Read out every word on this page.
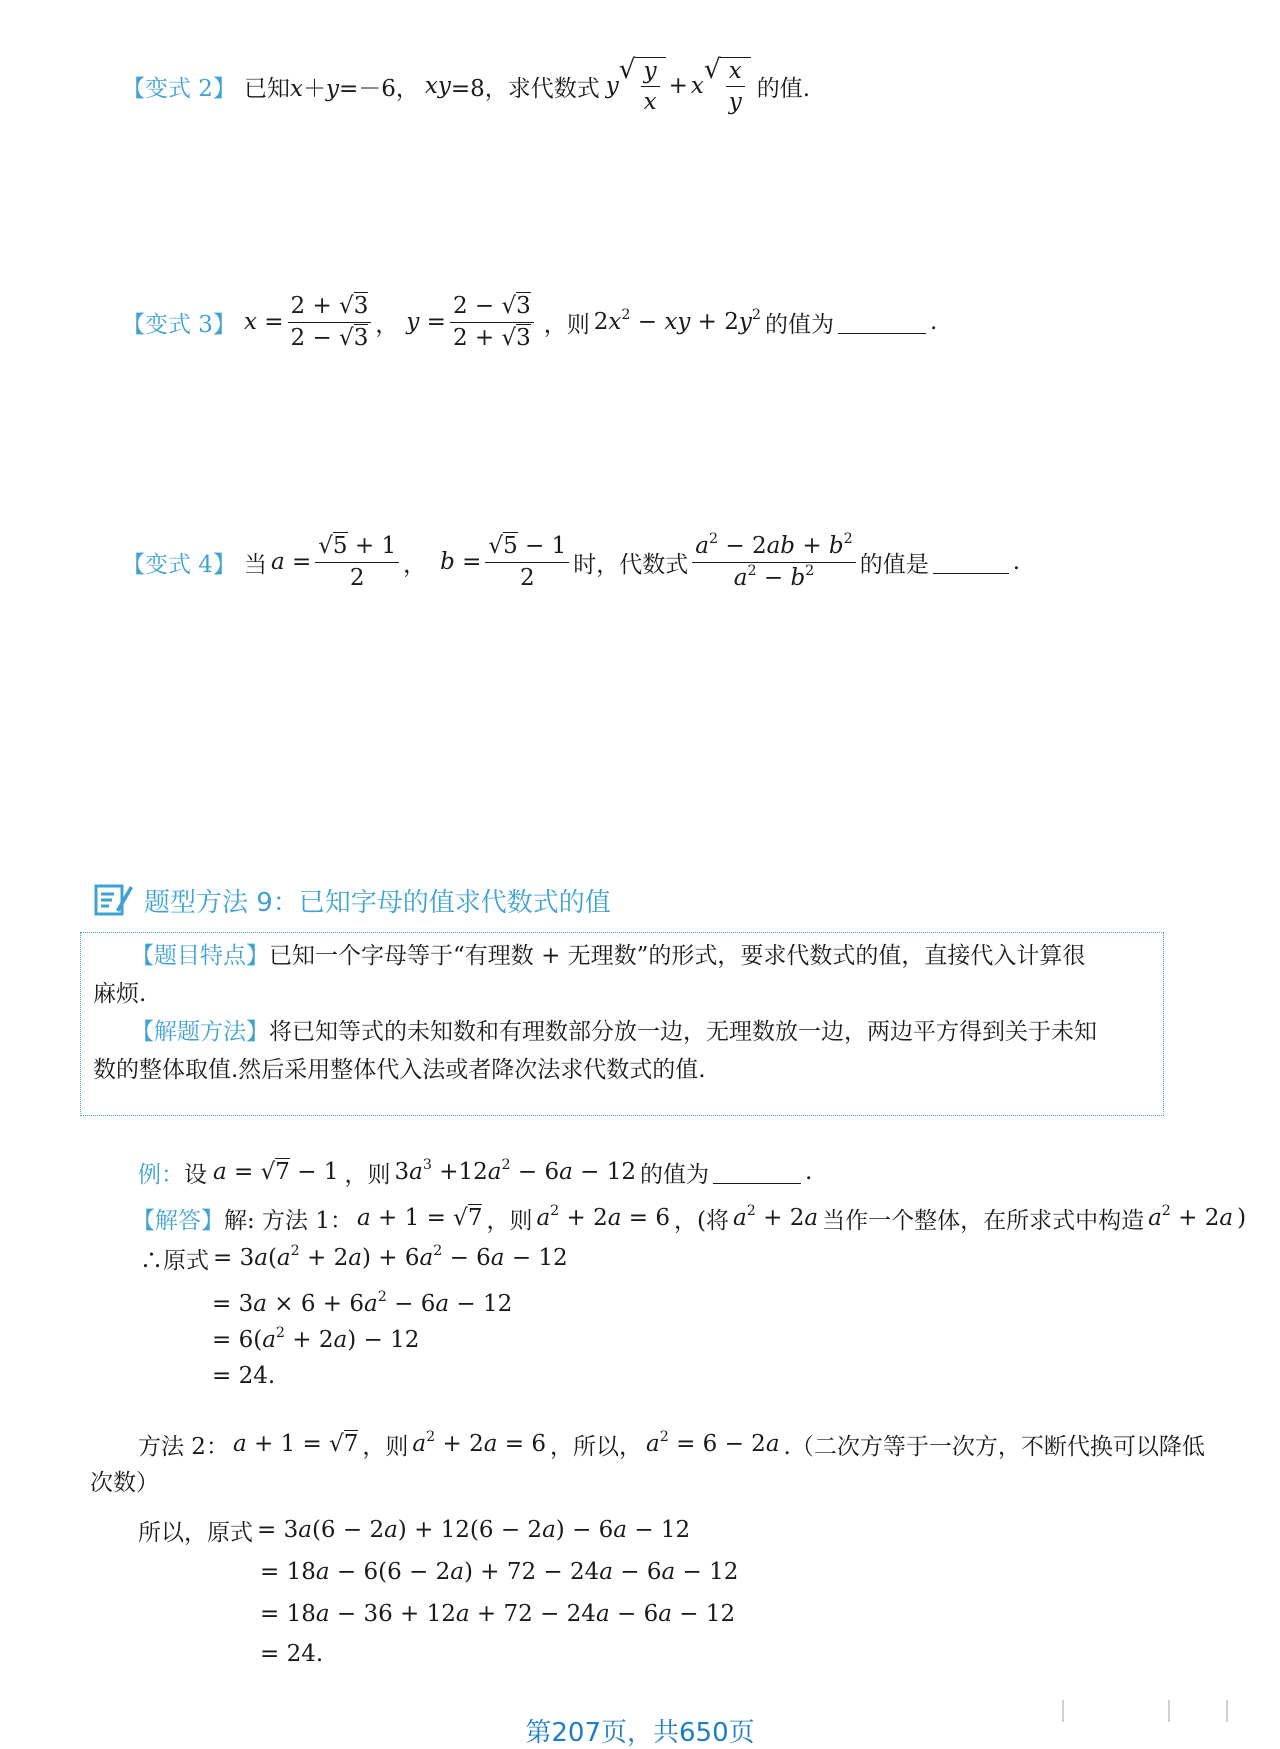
【变式 2】 已知 x＋y=－6 ， xy =8，求代数式 y
√ $\frac{y}{x} + x$
√ $\frac{x}{y}$ 的值.
【变式 3】 $x = \frac{2 + √3}{2 - √3}$ ， $y = \frac{2 - √3}{2 + √3}$ ，则 $2x^2$ − xy + $2y^2$ 的值为	.
【变式 4】 当 $a = \frac{√5 + 1}{2}$ ， $b = \frac{√5 - 1}{2}$ 时，代数式 $\frac{a^2 - 2ab + b^2}{a^2 - b^2}$ 的值是	.
题型方法 9：已知字母的值求代数式的值

【题目特点】已知一个字母等于“有理数 + 无理数”的形式，要求代数式的值，直接代入计算很

麻烦.

【解题方法】将已知等式的未知数和有理数部分放一边，无理数放一边，两边平方得到关于未知

数的整体取值.然后采用整体代入法或者降次法求代数式的值.

例： 设 a = √7 − 1 ，则 $3a^3 +12a^2 - 6a - 12$ 的值为	.
【解答】 解: 方法 1： a + 1 = √7 ，则 $a^2 + 2a = 6$ ，(将 $a^2 + 2a$ 当作一个整体，在所求式中构造 $a^2 + 2a$ )
∴原式 = $3a(a^2 + 2a) + 6a^2 - 6a - 12$
= $3a \times 6 + 6a^2 - 6a - 12$
= $6(a^2 + 2a) - 12$
= 24.
方法 2： a + 1 = √7 ，则 $a^2 + 2a = 6$ ，所以， $a^2 = 6 - 2a$ .（二次方等于一次方，不断代换可以降低
次数）
所以，原式 = 3a(6 − 2a) + 12(6 − 2a) − 6a − 12
= 18a − 6(6 − 2a) + 72 − 24a − 6a − 12
= 18a − 36 + 12a + 72 − 24a − 6a − 12
= 24.
第207页，共650页
